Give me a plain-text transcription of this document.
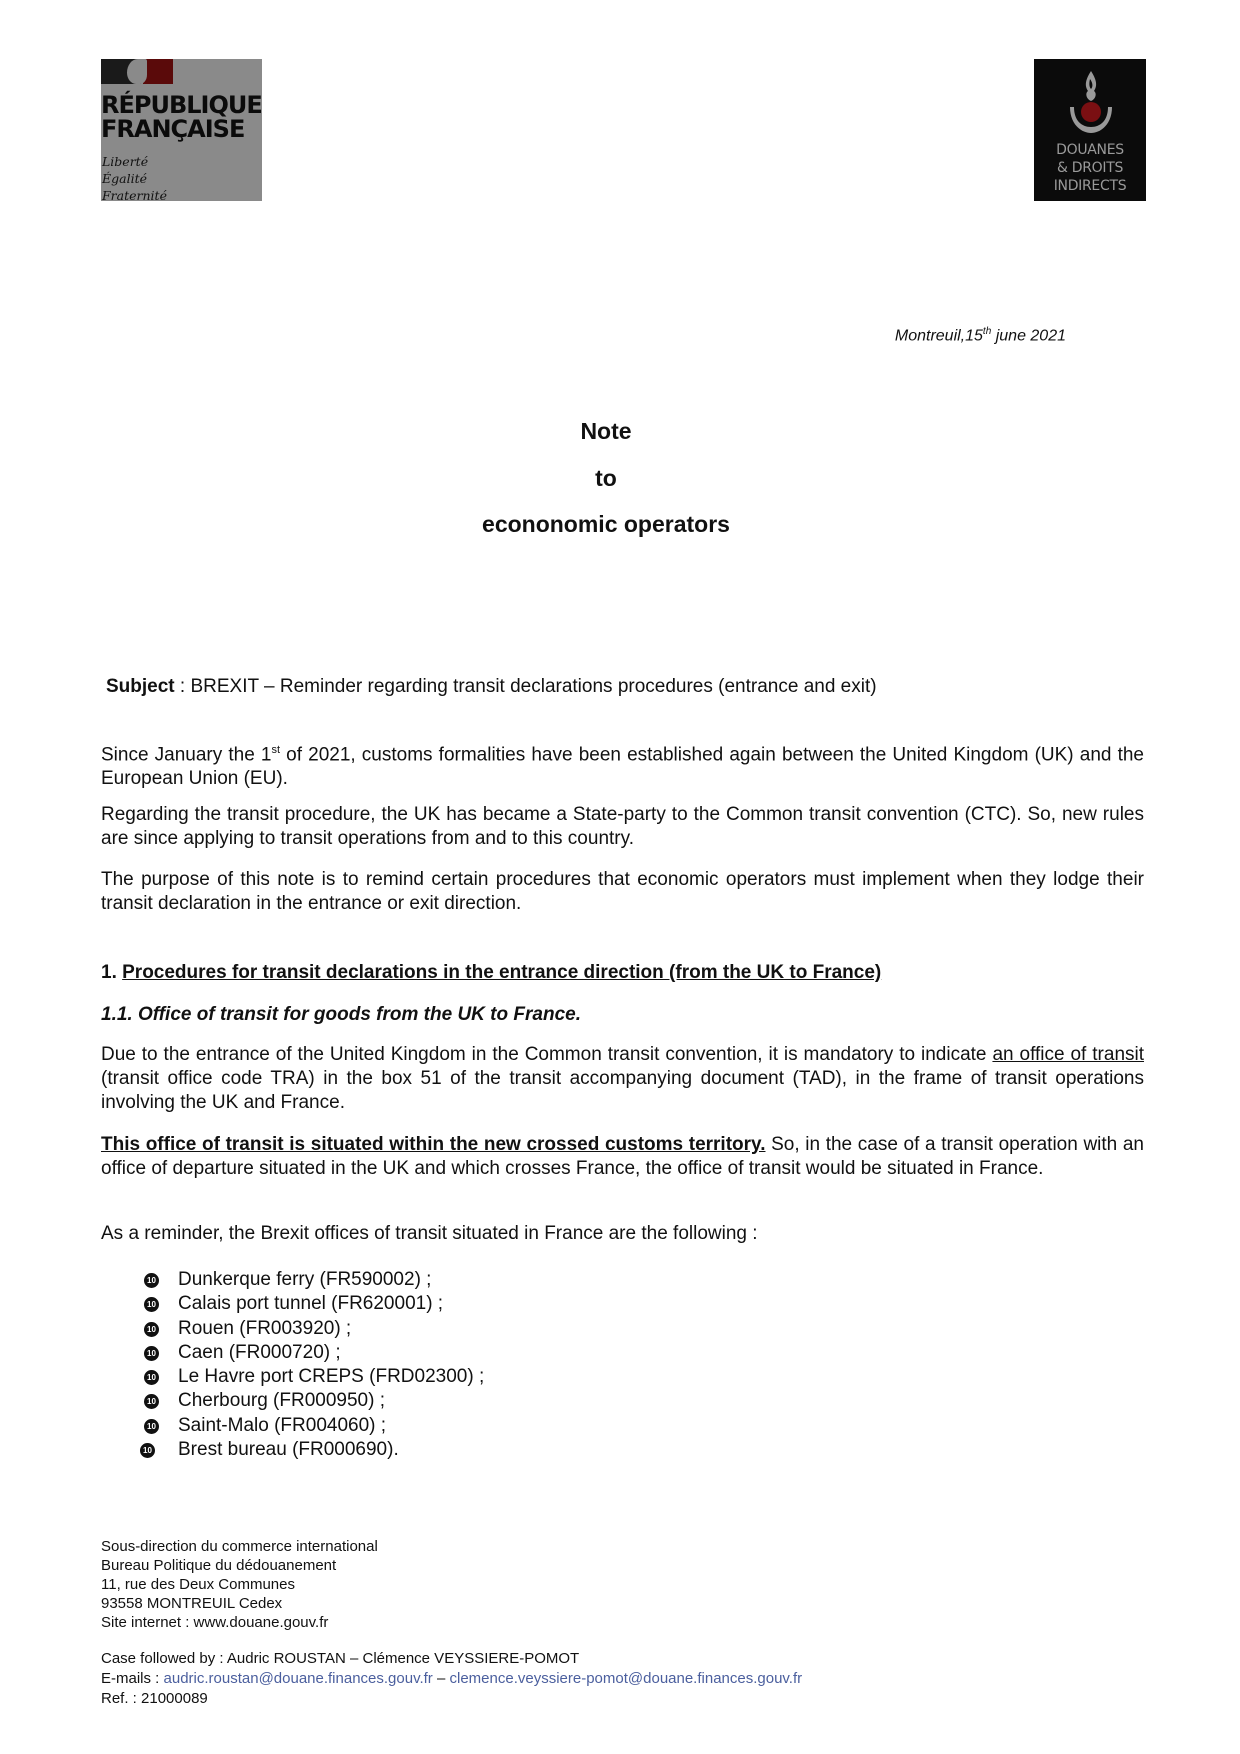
RÉPUBLIQUE
FRANÇAISE
Liberté
Égalité
Fraternité
DOUANES
& DROITS
INDIRECTS
Montreuil,15th june 2021
Note
to
econonomic operators
Subject : BREXIT – Reminder regarding transit declarations procedures (entrance and exit)
Since January the 1st of 2021, customs formalities have been established again between the United Kingdom (UK) and the European Union (EU).
Regarding the transit procedure, the UK has became a State-party to the Common transit convention (CTC). So, new rules are since applying to transit operations from and to this country.
The purpose of this note is to remind certain procedures that economic operators must implement when they lodge their transit declaration in the entrance or exit direction.
1. Procedures for transit declarations in the entrance direction (from the UK to France)
1.1. Office of transit for goods from the UK to France.
Due to the entrance of the United Kingdom in the Common transit convention, it is mandatory to indicate an office of transit (transit office code TRA) in the box 51 of the transit accompanying document (TAD), in the frame of transit operations involving the UK and France.
This office of transit is situated within the new crossed customs territory. So, in the case of a transit operation with an office of departure situated in the UK and which crosses France, the office of transit would be situated in France.
As a reminder, the Brexit offices of transit situated in France are the following :
10 Dunkerque ferry (FR590002) ;
10 Calais port tunnel (FR620001) ;
10 Rouen (FR003920) ;
10 Caen (FR000720) ;
10 Le Havre port CREPS (FRD02300) ;
10 Cherbourg (FR000950) ;
10 Saint-Malo (FR004060) ;
10 Brest bureau (FR000690).
Sous-direction du commerce international
Bureau Politique du dédouanement
11, rue des Deux Communes
93558 MONTREUIL Cedex
Site internet : www.douane.gouv.fr
Case followed by : Audric ROUSTAN – Clémence VEYSSIERE-POMOT
E-mails : audric.roustan@douane.finances.gouv.fr – clemence.veyssiere-pomot@douane.finances.gouv.fr
Ref. : 21000089
